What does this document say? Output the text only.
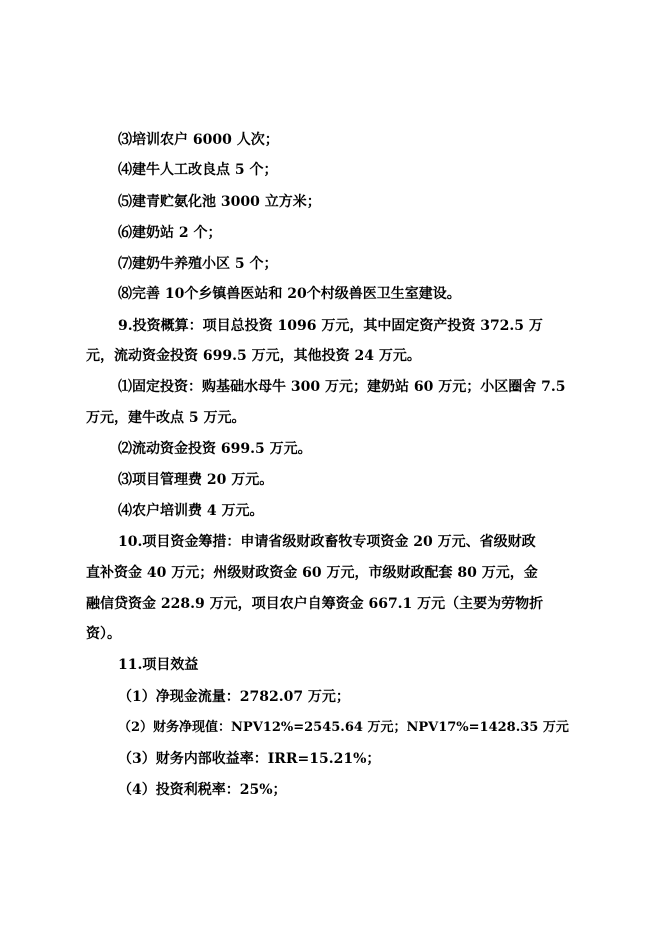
⑶培训农户 6000 人次；

⑷建牛人工改良点 5 个；

⑸建青贮氨化池 3000 立方米；

⑹建奶站 2 个；

⑺建奶牛养殖小区 5 个；

⑻完善 10个乡镇兽医站和 20个村级兽医卫生室建设。

9.投资概算：项目总投资 1096 万元，其中固定资产投资 372.5 万

元，流动资金投资 699.5 万元，其他投资 24 万元。

⑴固定投资：购基础水母牛 300 万元；建奶站 60 万元；小区圈舍 7.5

万元，建牛改点 5 万元。

⑵流动资金投资 699.5 万元。

⑶项目管理费 20 万元。

⑷农户培训费 4 万元。

10.项目资金筹措：申请省级财政畜牧专项资金 20 万元、省级财政

直补资金 40 万元；州级财政资金 60 万元，市级财政配套 80 万元，金

融信贷资金 228.9 万元，项目农户自筹资金 667.1 万元（主要为劳物折

资）。

11.项目效益

（1）净现金流量：2782.07 万元；

（2）财务净现值：NPV12%=2545.64 万元；NPV17%=1428.35 万元

（3）财务内部收益率：IRR=15.21%；

（4）投资利税率：25%；
